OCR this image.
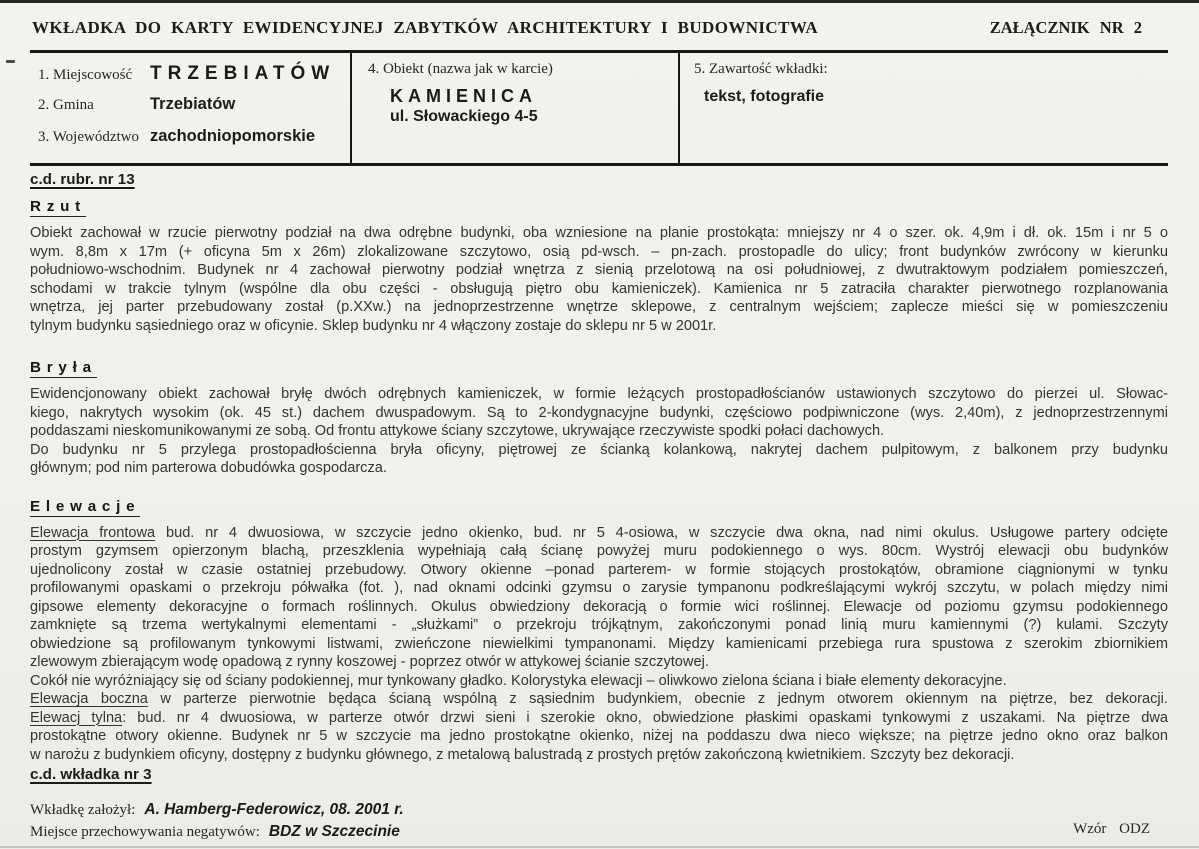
WKŁADKA DO KARTY EWIDENCYJNEJ ZABYTKÓW ARCHITEKTURY I BUDOWNICTWA	ZAŁĄCZNIK NR 2
1. Miejscowość TRZEBIATÓW
2. Gmina	Trzebiatów
3. Województwo zachodniopomorskie
4. Obiekt (nazwa jak w karcie)
KAMIENICA
ul. Słowackiego 4-5
5. Zawartość wkładki:
tekst, fotografie
c.d. rubr. nr 13
Rzut
Obiekt zachował w rzucie pierwotny podział na dwa odrębne budynki, oba wzniesione na planie prostokąta: mniejszy nr 4 o szer. ok. 4,9m i dł. ok. 15m i nr 5 o
wym. 8,8m x 17m (+ oficyna 5m x 26m) zlokalizowane szczytowo, osią pd-wsch. – pn-zach. prostopadle do ulicy; front budynków zwrócony w kierunku
południowo-wschodnim. Budynek nr 4 zachował pierwotny podział wnętrza z sienią przelotową na osi południowej, z dwutraktowym podziałem pomieszczeń,
schodami w trakcie tylnym (wspólne dla obu części - obsługują piętro obu kamieniczek). Kamienica nr 5 zatraciła charakter pierwotnego rozplanowania
wnętrza, jej parter przebudowany został (p.XXw.) na jednoprzestrzenne wnętrze sklepowe, z centralnym wejściem; zaplecze mieści się w pomieszczeniu
tylnym budynku sąsiedniego oraz w oficynie. Sklep budynku nr 4 włączony zostaje do sklepu nr 5 w 2001r.
Bryła
Ewidencjonowany obiekt zachował bryłę dwóch odrębnych kamieniczek, w formie leżących prostopadłościanów ustawionych szczytowo do pierzei ul. Słowac-
kiego, nakrytych wysokim (ok. 45 st.) dachem dwuspadowym. Są to 2-kondygnacyjne budynki, częściowo podpiwniczone (wys. 2,40m), z jednoprzestrzennymi
poddaszami nieskomunikowanymi ze sobą. Od frontu attykowe ściany szczytowe, ukrywające rzeczywiste spodki połaci dachowych.
Do budynku nr 5 przylega prostopadłościenna bryła oficyny, piętrowej ze ścianką kolankową, nakrytej dachem pulpitowym, z balkonem przy budynku
głównym; pod nim parterowa dobudówka gospodarcza.
Elewacje
Elewacja frontowa bud. nr 4 dwuosiowa, w szczycie jedno okienko, bud. nr 5 4-osiowa, w szczycie dwa okna, nad nimi okulus. Usługowe partery odcięte
prostym gzymsem opierzonym blachą, przeszklenia wypełniają całą ścianę powyżej muru podokiennego o wys. 80cm. Wystrój elewacji obu budynków
ujednolicony został w czasie ostatniej przebudowy. Otwory okienne –ponad parterem- w formie stojących prostokątów, obramione ciągnionymi w tynku
profilowanymi opaskami o przekroju półwałka (fot. ), nad oknami odcinki gzymsu o zarysie tympanonu podkreślającymi wykrój szczytu, w polach między nimi
gipsowe elementy dekoracyjne o formach roślinnych. Okulus obwiedziony dekoracją o formie wici roślinnej. Elewacje od poziomu gzymsu podokiennego
zamknięte są trzema wertykalnymi elementami - „służkami” o przekroju trójkątnym, zakończonymi ponad linią muru kamiennymi (?) kulami. Szczyty
obwiedzione są profilowanym tynkowymi listwami, zwieńczone niewielkimi tympanonami. Między kamienicami przebiega rura spustowa z szerokim zbiornikiem
zlewowym zbierającym wodę opadową z rynny koszowej - poprzez otwór w attykowej ścianie szczytowej.
Cokół nie wyróżniający się od ściany podokiennej, mur tynkowany gładko. Kolorystyka elewacji – oliwkowo zielona ściana i białe elementy dekoracyjne.
Elewacja boczna w parterze pierwotnie będąca ścianą wspólną z sąsiednim budynkiem, obecnie z jednym otworem okiennym na piętrze, bez dekoracji.
Elewacj tylna: bud. nr 4 dwuosiowa, w parterze otwór drzwi sieni i szerokie okno, obwiedzione płaskimi opaskami tynkowymi z uszakami. Na piętrze dwa
prostokątne otwory okienne. Budynek nr 5 w szczycie ma jedno prostokątne okienko, niżej na poddaszu dwa nieco większe; na piętrze jedno okno oraz balkon
w narożu z budynkiem oficyny, dostępny z budynku głównego, z metalową balustradą z prostych prętów zakończoną kwietnikiem. Szczyty bez dekoracji.
c.d. wkładka nr 3
Wkładkę założył: A. Hamberg-Federowicz, 08. 2001 r.
Miejsce przechowywania negatywów: BDZ w Szczecinie	Wzór ODZ
